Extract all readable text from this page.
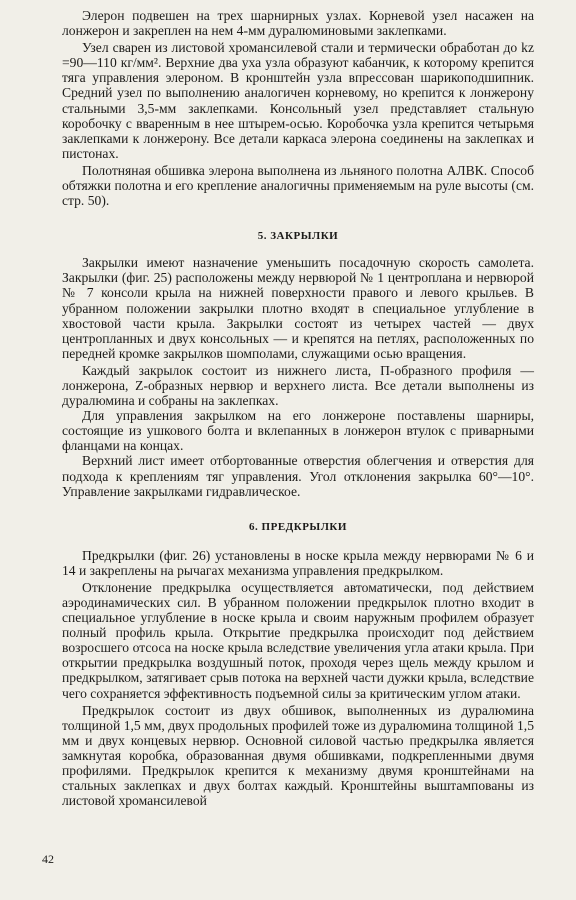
Элерон подвешен на трех шарнирных узлах. Корневой узел насажен на лонжерон и закреплен на нем 4-мм дуралюминовыми заклепками.

Узел сварен из листовой хромансилевой стали и термически обработан до kz =90—110 кг/мм². Верхние два уха узла образуют кабанчик, к которому крепится тяга управления элероном. В кронштейн узла впрессован шарикоподшипник. Средний узел по выполнению аналогичен корневому, но крепится к лонжерону стальными 3,5-мм заклепками. Консольный узел представляет стальную коробочку с вваренным в нее штырем-осью. Коробочка узла крепится четырьмя заклепками к лонжерону. Все детали каркаса элерона соединены на заклепках и пистонах.

Полотняная обшивка элерона выполнена из льняного полотна АЛВК. Способ обтяжки полотна и его крепление аналогичны применяемым на руле высоты (см. стр. 50).

5. ЗАКРЫЛКИ

Закрылки имеют назначение уменьшить посадочную скорость самолета. Закрылки (фиг. 25) расположены между нервюрой № 1 центроплана и нервюрой № 7 консоли крыла на нижней поверхности правого и левого крыльев. В убранном положении закрылки плотно входят в специальное углубление в хвостовой части крыла. Закрылки состоят из четырех частей — двух центропланных и двух консольных — и крепятся на петлях, расположенных по передней кромке закрылков шомполами, служащими осью вращения.

Каждый закрылок состоит из нижнего листа, П-образного профиля — лонжерона, Z-образных нервюр и верхнего листа. Все детали выполнены из дуралюмина и собраны на заклепках.

Для управления закрылком на его лонжероне поставлены шарниры, состоящие из ушкового болта и вклепанных в лонжерон втулок с приварными фланцами на концах.

Верхний лист имеет отбортованные отверстия облегчения и отверстия для подхода к креплениям тяг управления. Угол отклонения закрылка 60°—10°. Управление закрылками гидравлическое.

6. ПРЕДКРЫЛКИ

Предкрылки (фиг. 26) установлены в носке крыла между нервюрами № 6 и 14 и закреплены на рычагах механизма управления предкрылком.

Отклонение предкрылка осуществляется автоматически, под действием аэродинамических сил. В убранном положении предкрылок плотно входит в специальное углубление в носке крыла и своим наружным профилем образует полный профиль крыла. Открытие предкрылка происходит под действием возросшего отсоса на носке крыла вследствие увеличения угла атаки крыла. При открытии предкрылка воздушный поток, проходя через щель между крылом и предкрылком, затягивает срыв потока на верхней части дужки крыла, вследствие чего сохраняется эффективность подъемной силы за критическим углом атаки.

Предкрылок состоит из двух обшивок, выполненных из дуралюмина толщиной 1,5 мм, двух продольных профилей тоже из дуралюмина толщиной 1,5 мм и двух концевых нервюр. Основной силовой частью предкрылка является замкнутая коробка, образованная двумя обшивками, подкрепленными двумя профилями. Предкрылок крепится к механизму двумя кронштейнами на стальных заклепках и двух болтах каждый. Кронштейны выштампованы из листовой хромансилевой

42
